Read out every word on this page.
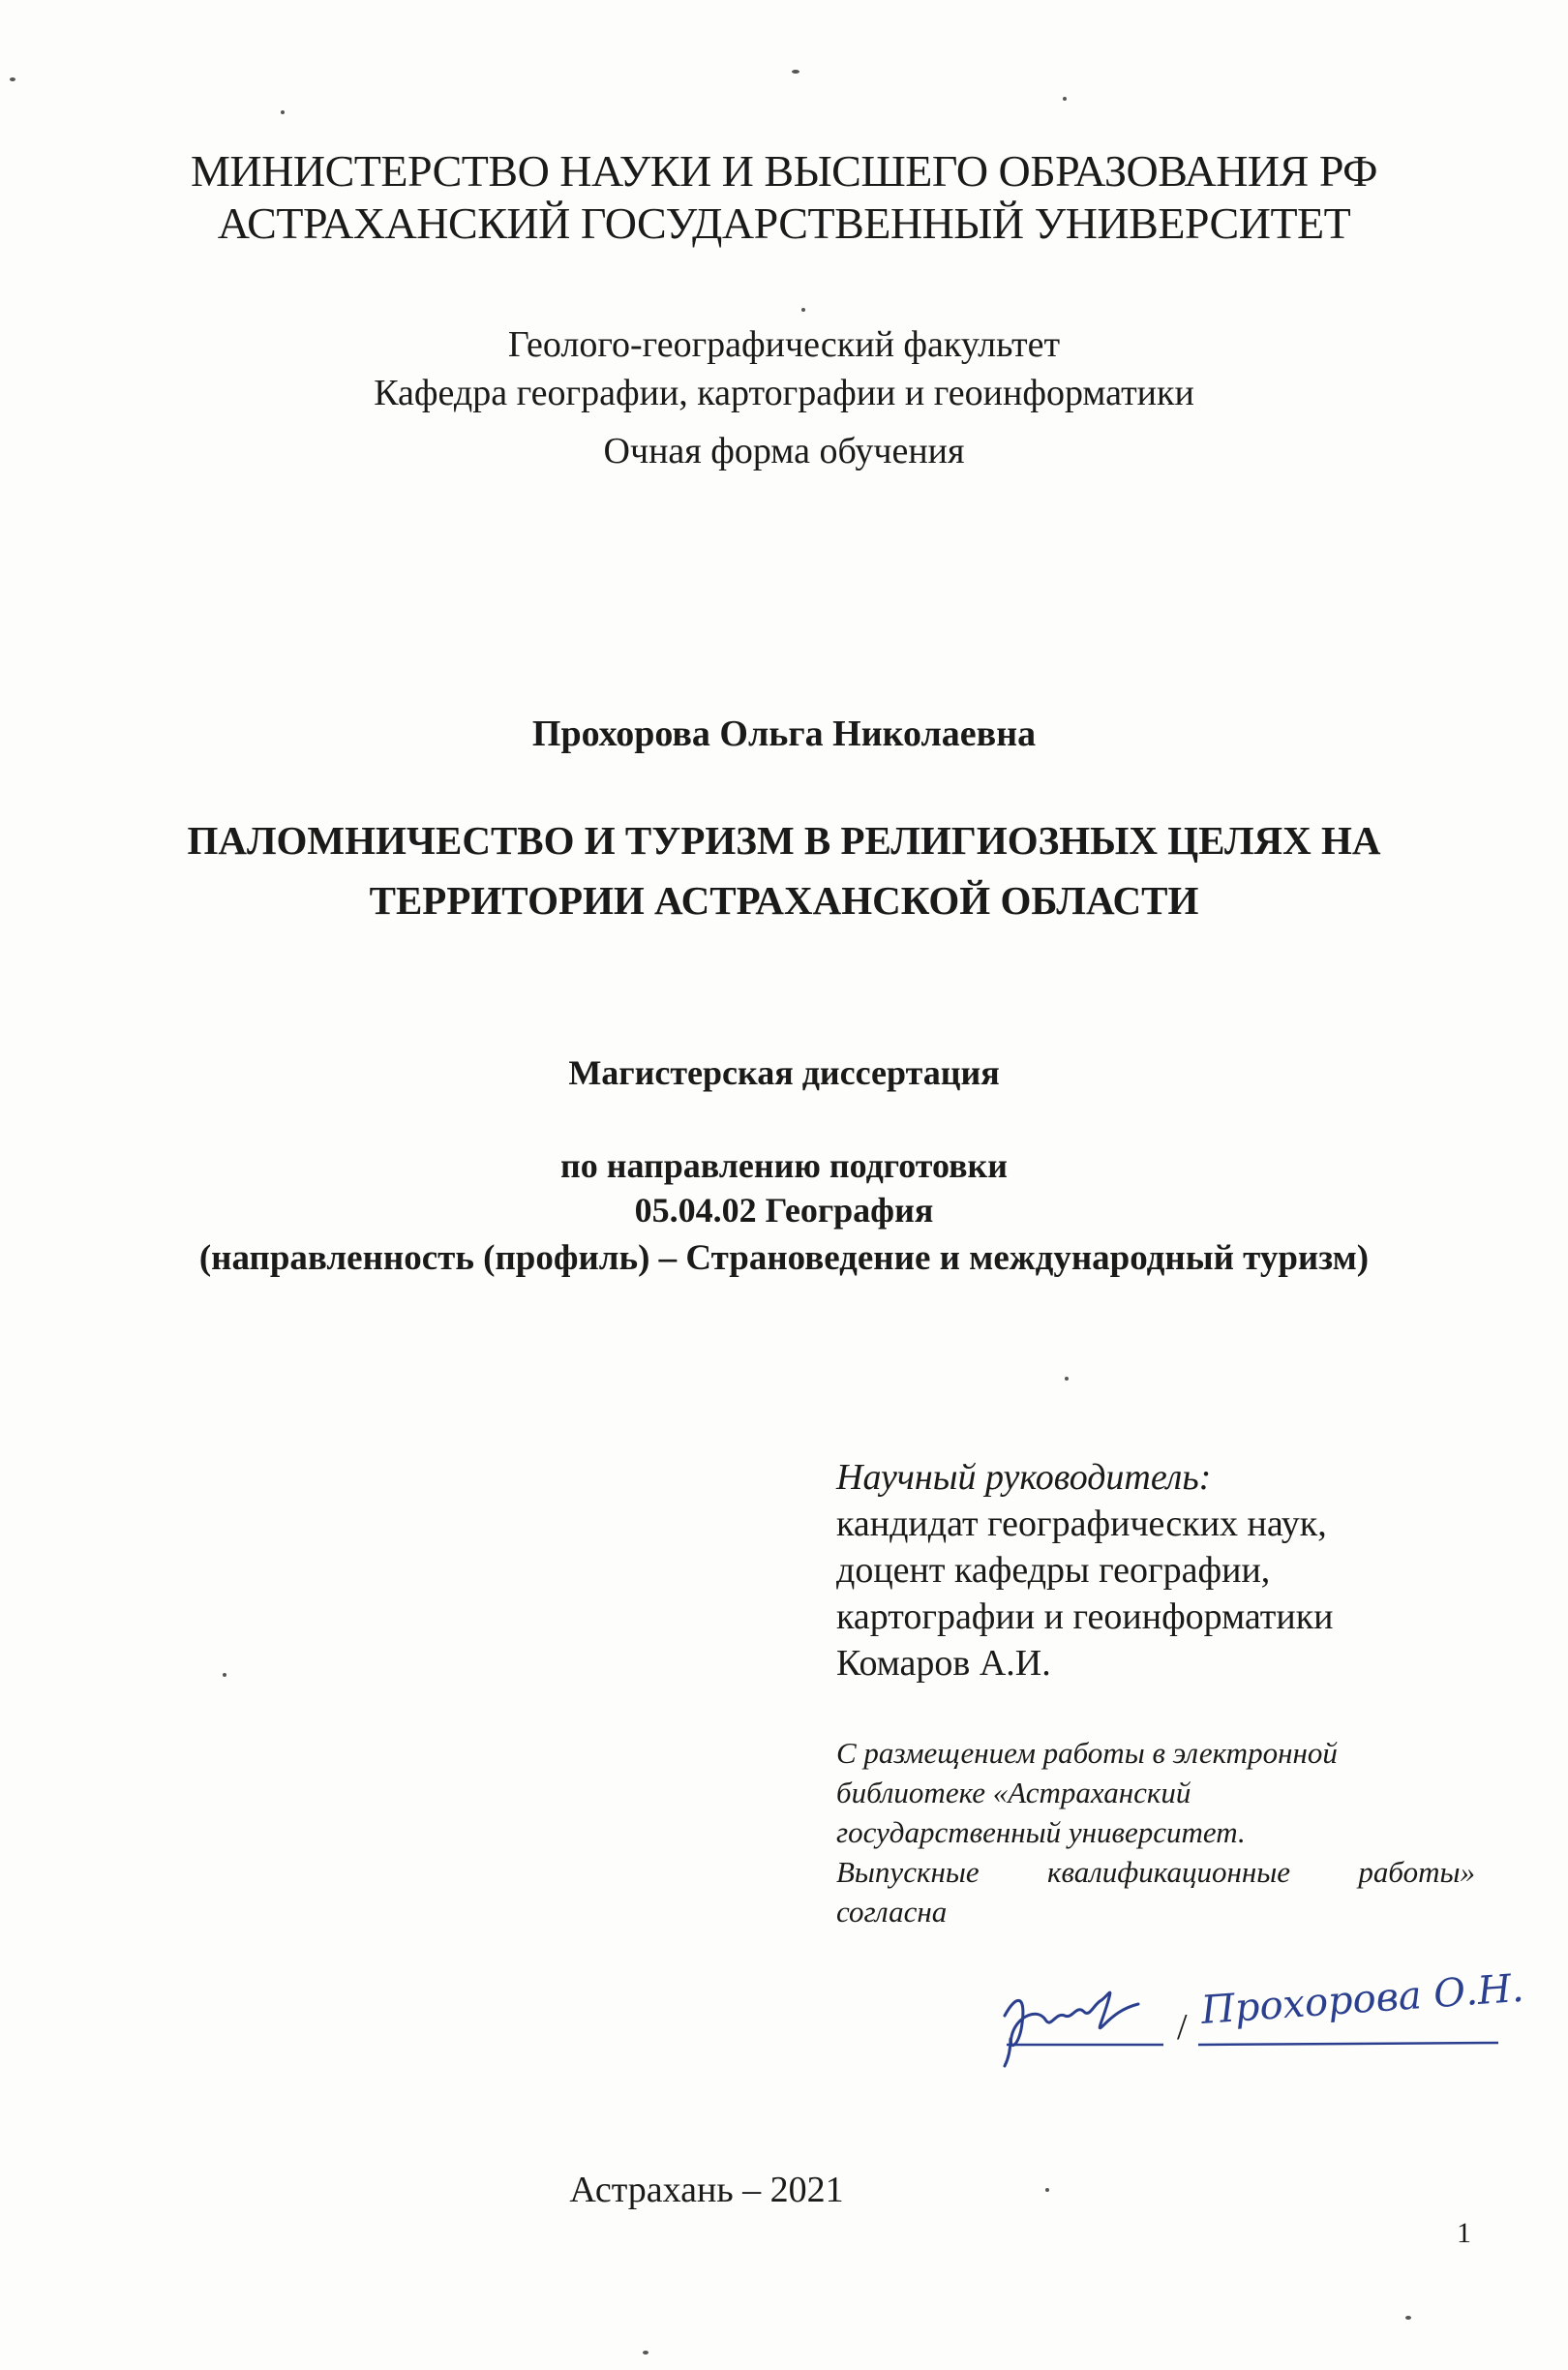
МИНИСТЕРСТВО НАУКИ И ВЫСШЕГО ОБРАЗОВАНИЯ РФ
АСТРАХАНСКИЙ ГОСУДАРСТВЕННЫЙ УНИВЕРСИТЕТ
Геолого-географический факультет
Кафедра географии, картографии и геоинформатики
Очная форма обучения
Прохорова Ольга Николаевна
ПАЛОМНИЧЕСТВО И ТУРИЗМ В РЕЛИГИОЗНЫХ ЦЕЛЯХ НА
ТЕРРИТОРИИ АСТРАХАНСКОЙ ОБЛАСТИ
Магистерская диссертация
по направлению подготовки
05.04.02 География
(направленность (профиль) – Страноведение и международный туризм)
Научный руководитель:
кандидат географических наук,
доцент кафедры географии,
картографии и геоинформатики
Комаров А.И.
С размещением работы в электронной
библиотеке «Астраханский
государственный университет.
Выпускные квалификационные работы»
согласна
/ Прохорова О.Н.
Астрахань – 2021
1
